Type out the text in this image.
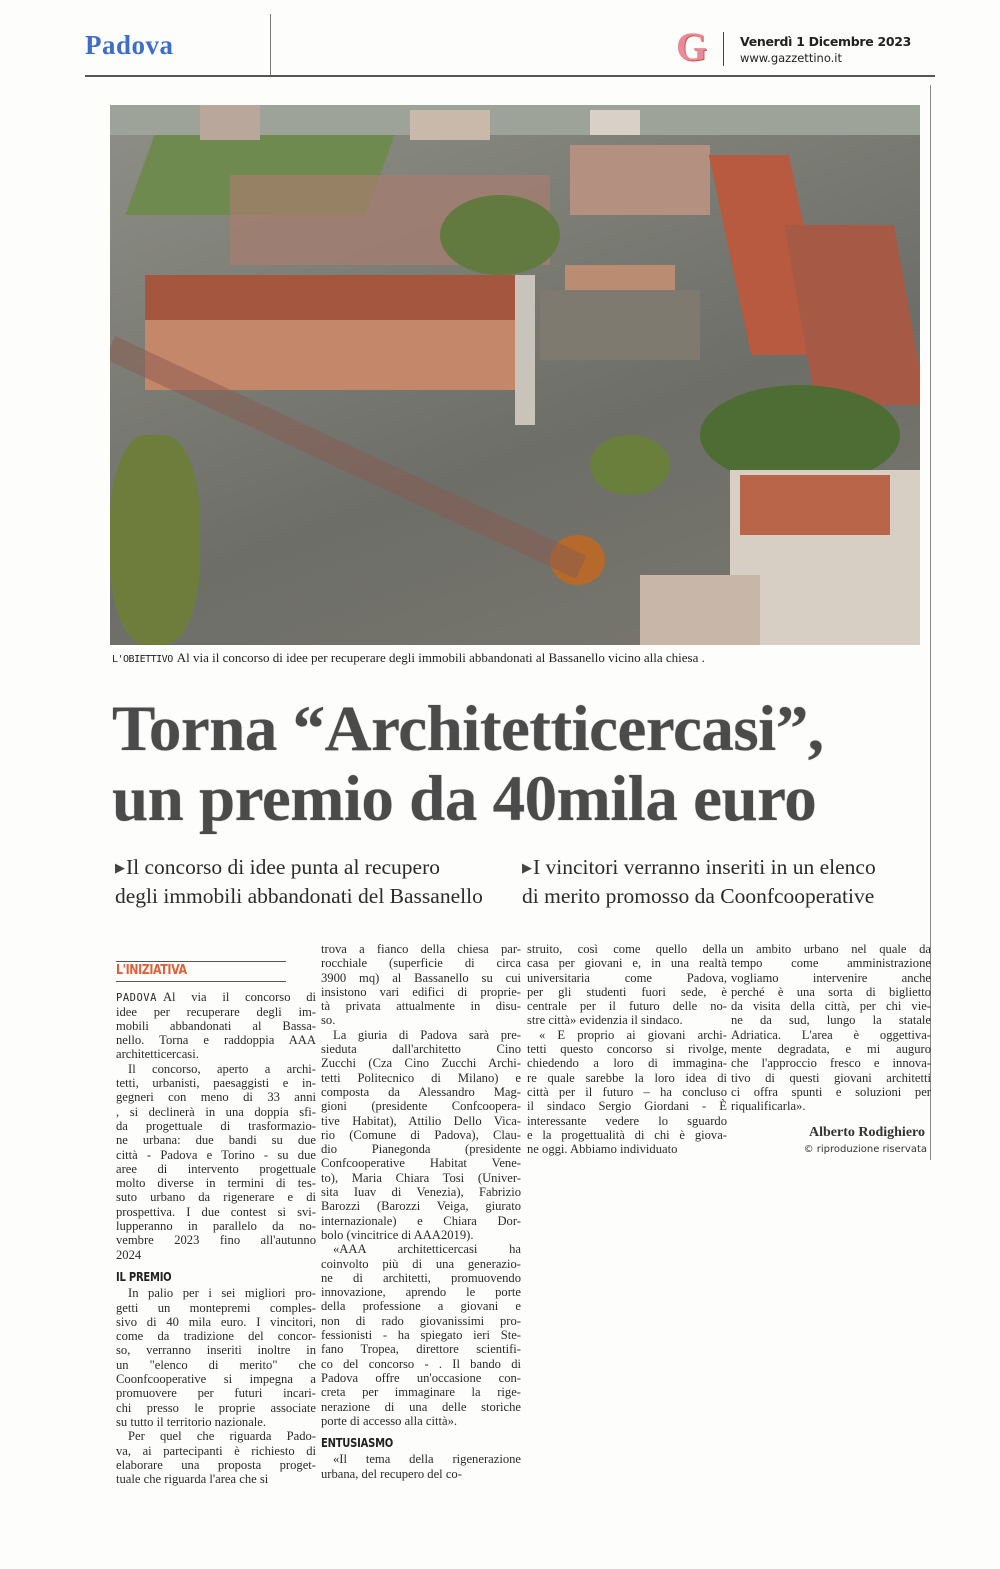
Padova	G	Venerdì 1 Dicembre 2023
www.gazzettino.it
L'OBIETTIVO Al via il concorso di idee per recuperare degli immobili abbandonati al Bassanello vicino alla chiesa .
Torna “Architetticercasi”,
un premio da 40mila euro
▶Il concorso di idee punta al recupero
degli immobili abbandonati del Bassanello
▶I vincitori verranno inseriti in un elenco
di merito promosso da Coonfcooperative
L'INIZIATIVA
PADOVA Al via il concorso di
idee per recuperare degli im-
mobili abbandonati al Bassa-
nello. Torna e raddoppia AAA
architetticercasi.
Il concorso, aperto a archi-
tetti, urbanisti, paesaggisti e in-
gegneri con meno di 33 anni
, si declinerà in una doppia sfi-
da progettuale di trasformazio-
ne urbana: due bandi su due
città - Padova e Torino - su due
aree di intervento progettuale
molto diverse in termini di tes-
suto urbano da rigenerare e di
prospettiva. I due contest si svi-
lupperanno in parallelo da no-
vembre 2023 fino all'autunno
2024
IL PREMIO
In palio per i sei migliori pro-
getti un montepremi comples-
sivo di 40 mila euro. I vincitori,
come da tradizione del concor-
so, verranno inseriti inoltre in
un "elenco di merito" che
Coonfcooperative si impegna a
promuovere per futuri incari-
chi presso le proprie associate
su tutto il territorio nazionale.
Per quel che riguarda Pado-
va, ai partecipanti è richiesto di
elaborare una proposta proget-
tuale che riguarda l'area che si
trova a fianco della chiesa par-
rocchiale (superficie di circa
3900 mq) al Bassanello su cui
insistono vari edifici di proprie-
tà privata attualmente in disu-
so.
La giuria di Padova sarà pre-
sieduta dall'architetto Cino
Zucchi (Cza Cino Zucchi Archi-
tetti Politecnico di Milano) e
composta da Alessandro Mag-
gioni (presidente Confcoopera-
tive Habitat), Attilio Dello Vica-
rio (Comune di Padova), Clau-
dio Pianegonda (presidente
Confcooperative Habitat Vene-
to), Maria Chiara Tosi (Univer-
sita Iuav di Venezia), Fabrizio
Barozzi (Barozzi Veiga, giurato
internazionale) e Chiara Dor-
bolo (vincitrice di AAA2019).
«AAA architetticercasi ha
coinvolto più di una generazio-
ne di architetti, promuovendo
innovazione, aprendo le porte
della professione a giovani e
non di rado giovanissimi pro-
fessionisti - ha spiegato ieri Ste-
fano Tropea, direttore scientifi-
co del concorso - . Il bando di
Padova offre un'occasione con-
creta per immaginare la rige-
nerazione di una delle storiche
porte di accesso alla città».
ENTUSIASMO
«Il tema della rigenerazione
urbana, del recupero del co-
struito, così come quello della
casa per giovani e, in una realtà
universitaria come Padova,
per gli studenti fuori sede, è
centrale per il futuro delle no-
stre città» evidenzia il sindaco.
« E proprio ai giovani archi-
tetti questo concorso si rivolge,
chiedendo a loro di immagina-
re quale sarebbe la loro idea di
città per il futuro – ha concluso
il sindaco Sergio Giordani - È
interessante vedere lo sguardo
e la progettualità di chi è giova-
ne oggi. Abbiamo individuato
un ambito urbano nel quale da
tempo come amministrazione
vogliamo intervenire anche
perché è una sorta di biglietto
da visita della città, per chi vie-
ne da sud, lungo la statale
Adriatica. L'area è oggettiva-
mente degradata, e mi auguro
che l'approccio fresco e innova-
tivo di questi giovani architetti
ci offra spunti e soluzioni per
riqualificarla».
Alberto Rodighiero
© riproduzione riservata
